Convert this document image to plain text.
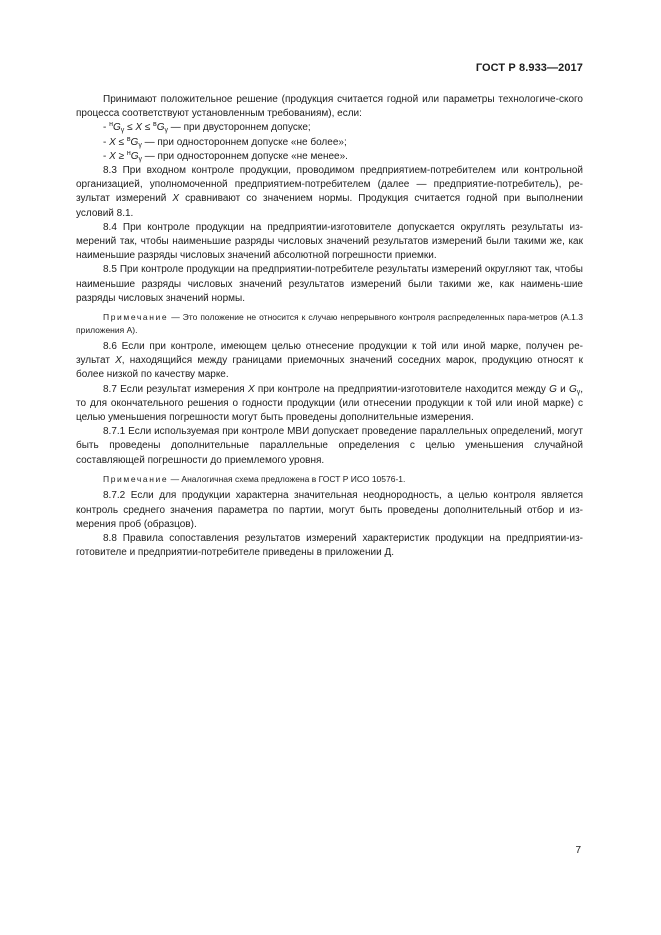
ГОСТ Р 8.933—2017

Принимают положительное решение (продукция считается годной или параметры технологиче-ского процесса соответствуют установленным требованиям), если:

- $^нG_\gamma \le X \le ^вG_\gamma$ — при двустороннем допуске;

- $X \le ^вG_\gamma$ — при одностороннем допуске «не более»;

- $X \ge ^нG_\gamma$ — при одностороннем допуске «не менее».

8.3 При входном контроле продукции, проводимом предприятием-потребителем или контрольной организацией, уполномоченной предприятием-потребителем (далее — предприятие-потребитель), ре-зультат измерений X сравнивают со значением нормы. Продукция считается годной при выполнении условий 8.1.

8.4 При контроле продукции на предприятии-изготовителе допускается округлять результаты из-мерений так, чтобы наименьшие разряды числовых значений результатов измерений были такими же, как наименьшие разряды числовых значений абсолютной погрешности приемки.

8.5 При контроле продукции на предприятии-потребителе результаты измерений округляют так, чтобы наименьшие разряды числовых значений результатов измерений были такими же, как наимень-шие разряды числовых значений нормы.

Примечание — Это положение не относится к случаю непрерывного контроля распределенных пара-метров (А.1.3 приложения А).

8.6 Если при контроле, имеющем целью отнесение продукции к той или иной марке, получен ре-зультат X, находящийся между границами приемочных значений соседних марок, продукцию относят к более низкой по качеству марке.

8.7 Если результат измерения X при контроле на предприятии-изготовителе находится между G и $G_\gamma$, то для окончательного решения о годности продукции (или отнесении продукции к той или иной марке) с целью уменьшения погрешности могут быть проведены дополнительные измерения.

8.7.1 Если используемая при контроле МВИ допускает проведение параллельных определений, могут быть проведены дополнительные параллельные определения с целью уменьшения случайной составляющей погрешности до приемлемого уровня.

Примечание — Аналогичная схема предложена в ГОСТ Р ИСО 10576-1.

8.7.2 Если для продукции характерна значительная неоднородность, а целью контроля является контроль среднего значения параметра по партии, могут быть проведены дополнительный отбор и из-мерения проб (образцов).

8.8 Правила сопоставления результатов измерений характеристик продукции на предприятии-из-готовителе и предприятии-потребителе приведены в приложении Д.

7
